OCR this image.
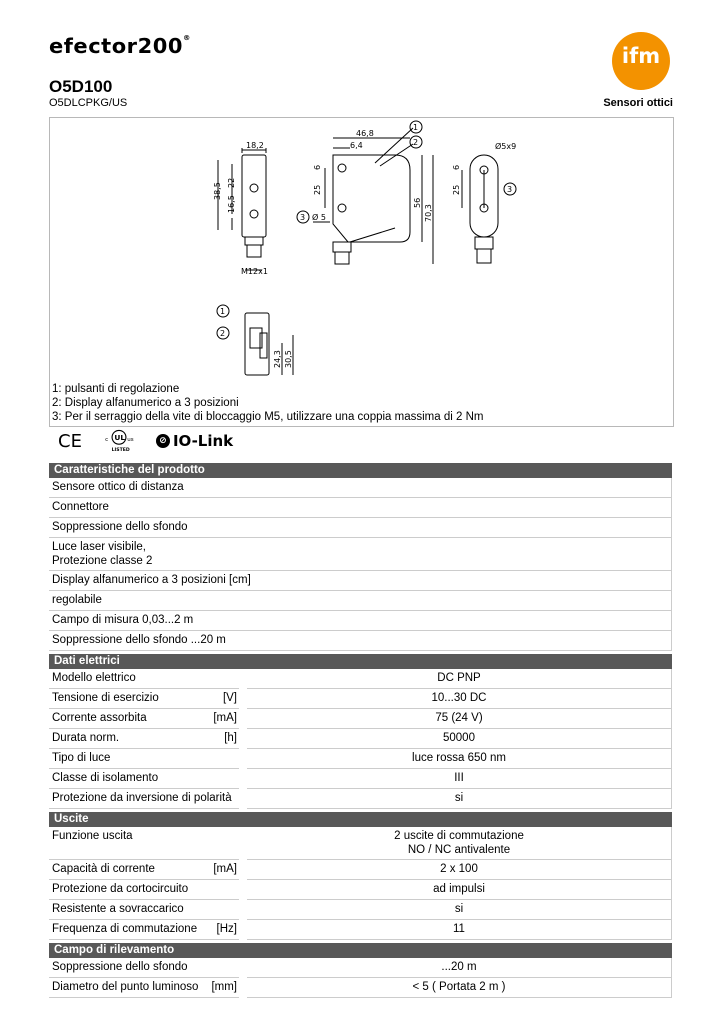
efector200®
ifm
O5D100
O5DLCPKG/US	Sensori ottici
18,2
38,5 22
16,5
M12x1
46,8
6,4
6
25
56
70,3
Ø 5
Ø5x9
6
25
24,3 30,5
1
2
3
3
1
2
1: pulsanti di regolazione
2: Display alfanumerico a 3 posizioni
3: Per il serraggio della vite di bloccaggio M5, utilizzare una coppia massima di 2 Nm
CE	UL
c	us
LISTED
⊘ IO-Link
Caratteristiche del prodotto
Sensore ottico di distanza
Connettore
Soppressione dello sfondo
Luce laser visibile,
Protezione classe 2
Display alfanumerico a 3 posizioni [cm]
regolabile
Campo di misura 0,03...2 m
Soppressione dello sfondo ...20 m
Dati elettrici
Modello elettrico	DC PNP
Tensione di esercizio	[V]	10...30 DC
Corrente assorbita	[mA]	75 (24 V)
Durata norm.	[h]	50000
Tipo di luce	luce rossa 650 nm
Classe di isolamento	III
Protezione da inversione di polarità	si
Uscite
Funzione uscita	2 uscite di commutazione
NO / NC antivalente
Capacità di corrente	[mA]	2 x 100
Protezione da cortocircuito	ad impulsi
Resistente a sovraccarico	si
Frequenza di commutazione	[Hz]	11
Campo di rilevamento
Soppressione dello sfondo	...20 m
Diametro del punto luminoso	[mm]	< 5 ( Portata 2 m )
